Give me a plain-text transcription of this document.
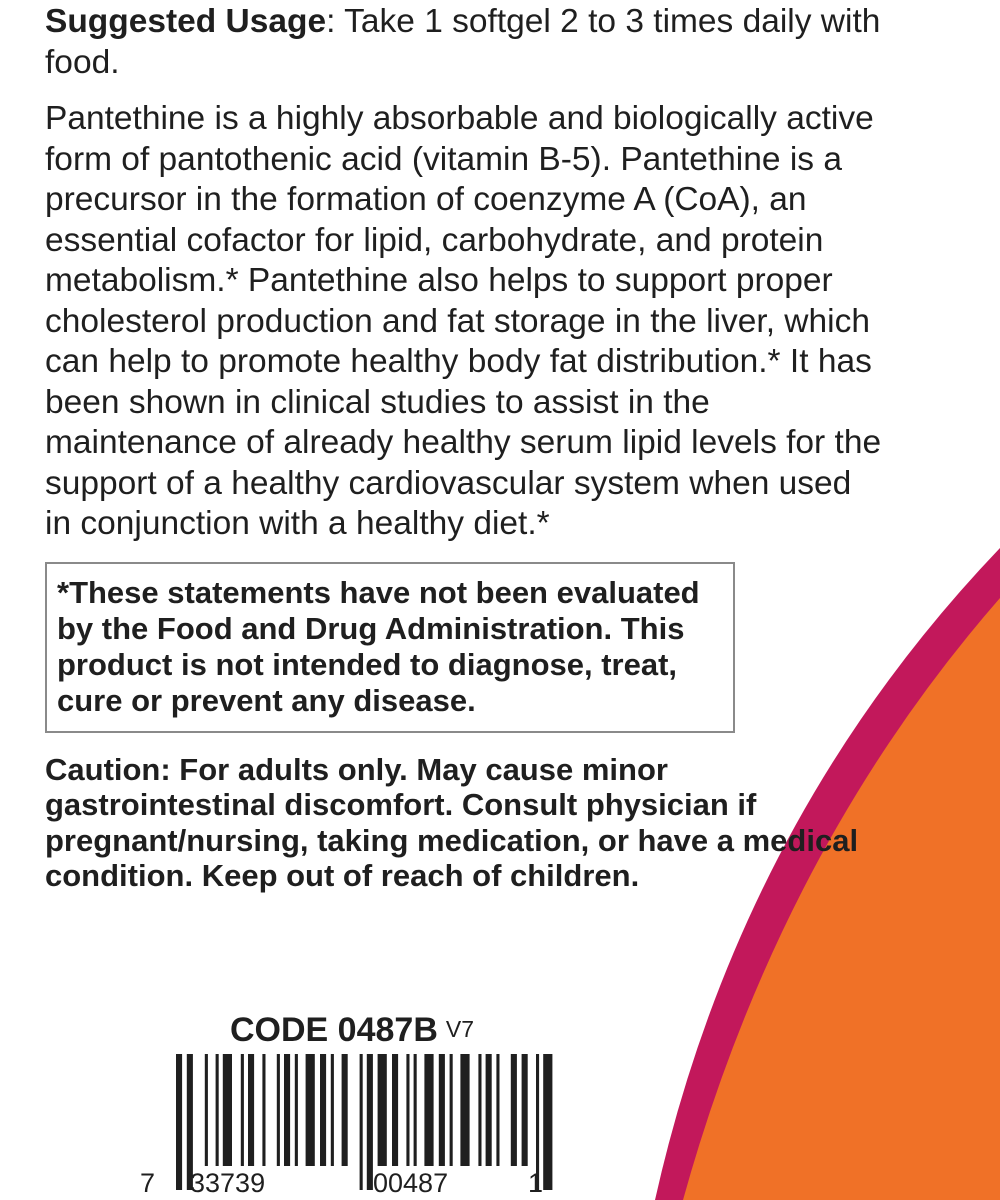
Suggested Usage: Take 1 softgel 2 to 3 times daily with food.
Pantethine is a highly absorbable and biologically active form of pantothenic acid (vitamin B-5). Pantethine is a precursor in the formation of coenzyme A (CoA), an essential cofactor for lipid, carbohydrate, and protein metabolism.* Pantethine also helps to support proper cholesterol production and fat storage in the liver, which can help to promote healthy body fat distribution.* It has been shown in clinical studies to assist in the maintenance of already healthy serum lipid levels for the support of a healthy cardiovascular system when used in conjunction with a healthy diet.*
*These statements have not been evaluated by the Food and Drug Administration. This product is not intended to diagnose, treat, cure or prevent any disease.
Caution: For adults only. May cause minor gastrointestinal discomfort. Consult physician if pregnant/nursing, taking medication, or have a medical condition. Keep out of reach of children.
CODE 0487B V7
7 33739	00487	1
